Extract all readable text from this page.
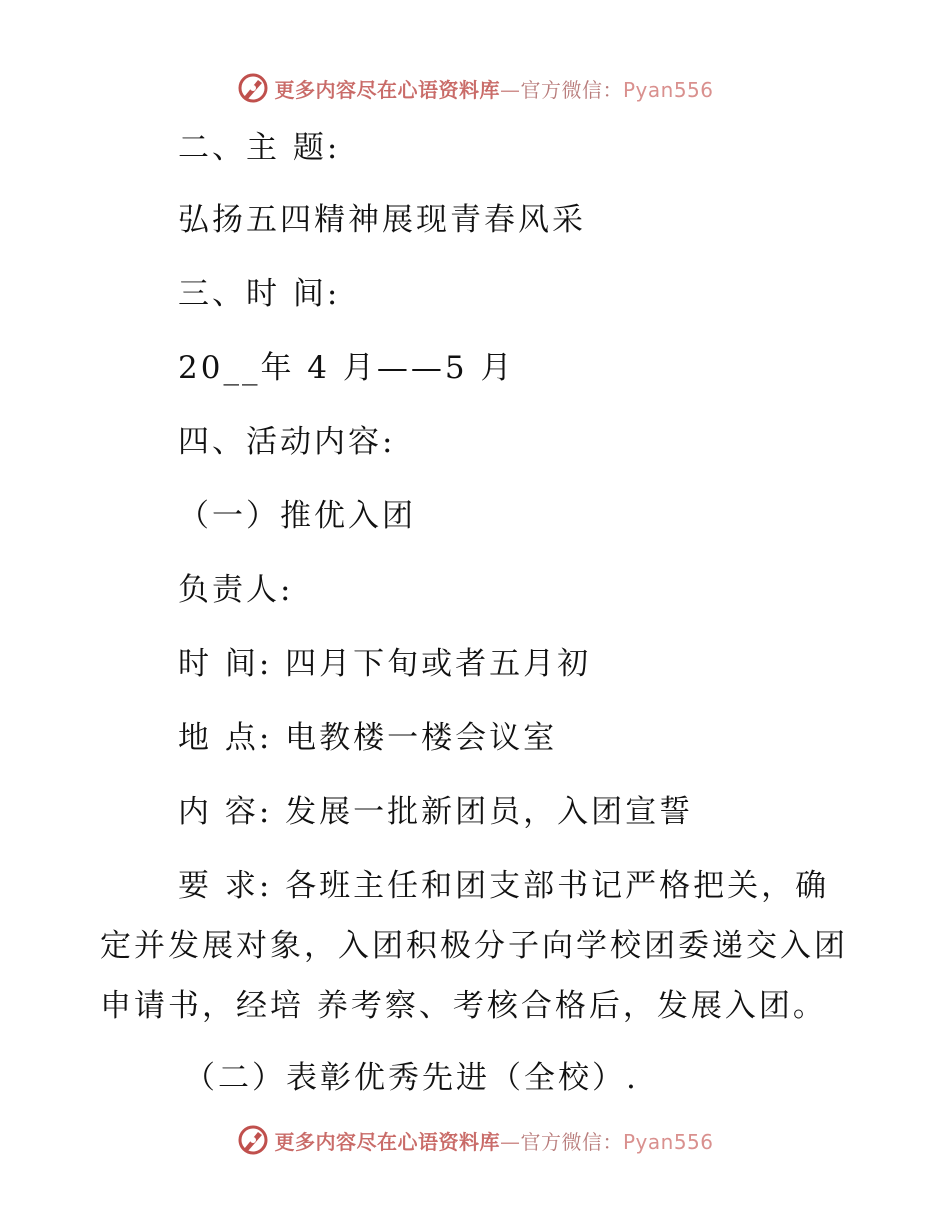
更多内容尽在心语资料库—官方微信：Pyan556
二、主 题:
弘扬五四精神展现青春风采
三、时 间:
20__年 4 月——5 月
四、活动内容:
（一）推优入团
负责人:
时 间: 四月下旬或者五月初
地 点: 电教楼一楼会议室
内 容: 发展一批新团员，入团宣誓
要 求: 各班主任和团支部书记严格把关，确
定并发展对象，入团积极分子向学校团委递交入团
申请书，经培 养考察、考核合格后，发展入团。
（二）表彰优秀先进（全校）.
更多内容尽在心语资料库—官方微信：Pyan556
